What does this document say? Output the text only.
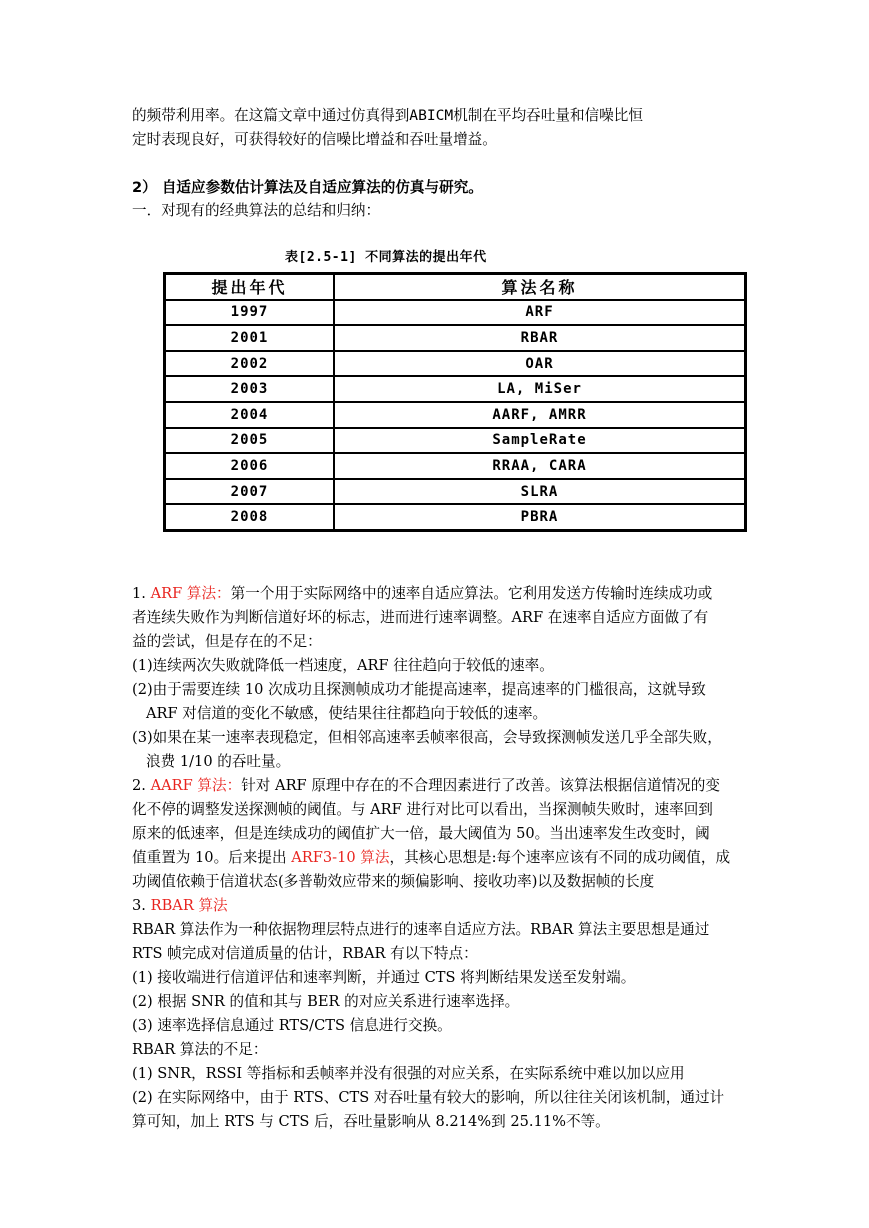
的频带利用率。在这篇文章中通过仿真得到ABICM机制在平均吞吐量和信噪比恒
定时表现良好，可获得较好的信噪比增益和吞吐量增益。

2） 自适应参数估计算法及自适应算法的仿真与研究。

一．对现有的经典算法的总结和归纳：

表[2.5-1] 不同算法的提出年代
提出年代	算法名称
1997	ARF
2001	RBAR
2002	OAR
2003	LA, MiSer
2004	AARF, AMRR
2005	SampleRate
2006	RRAA, CARA
2007	SLRA
2008	PBRA
1. ARF 算法：第一个用于实际网络中的速率自适应算法。它利用发送方传输时连续成功或
者连续失败作为判断信道好坏的标志，进而进行速率调整。ARF 在速率自适应方面做了有
益的尝试，但是存在的不足：
(1)连续两次失败就降低一档速度，ARF 往往趋向于较低的速率。
(2)由于需要连续 10 次成功且探测帧成功才能提高速率，提高速率的门槛很高，这就导致
ARF 对信道的变化不敏感，使结果往往都趋向于较低的速率。
(3)如果在某一速率表现稳定，但相邻高速率丢帧率很高，会导致探测帧发送几乎全部失败，
浪费 1/10 的吞吐量。
2. AARF 算法：针对 ARF 原理中存在的不合理因素进行了改善。该算法根据信道情况的变
化不停的调整发送探测帧的阈值。与 ARF 进行对比可以看出，当探测帧失败时，速率回到
原来的低速率，但是连续成功的阈值扩大一倍，最大阈值为 50。当出速率发生改变时，阈
值重置为 10。后来提出 ARF3-10 算法，其核心思想是:每个速率应该有不同的成功阈值，成
功阈值依赖于信道状态(多普勒效应带来的频偏影响、接收功率)以及数据帧的长度
3. RBAR 算法
RBAR 算法作为一种依据物理层特点进行的速率自适应方法。RBAR 算法主要思想是通过
RTS 帧完成对信道质量的估计，RBAR 有以下特点：
(1) 接收端进行信道评估和速率判断，并通过 CTS 将判断结果发送至发射端。
(2) 根据 SNR 的值和其与 BER 的对应关系进行速率选择。
(3) 速率选择信息通过 RTS/CTS 信息进行交换。
RBAR 算法的不足：
(1) SNR，RSSI 等指标和丢帧率并没有很强的对应关系，在实际系统中难以加以应用
(2) 在实际网络中，由于 RTS、CTS 对吞吐量有较大的影响，所以往往关闭该机制，通过计
算可知，加上 RTS 与 CTS 后，吞吐量影响从 8.214%到 25.11%不等。
